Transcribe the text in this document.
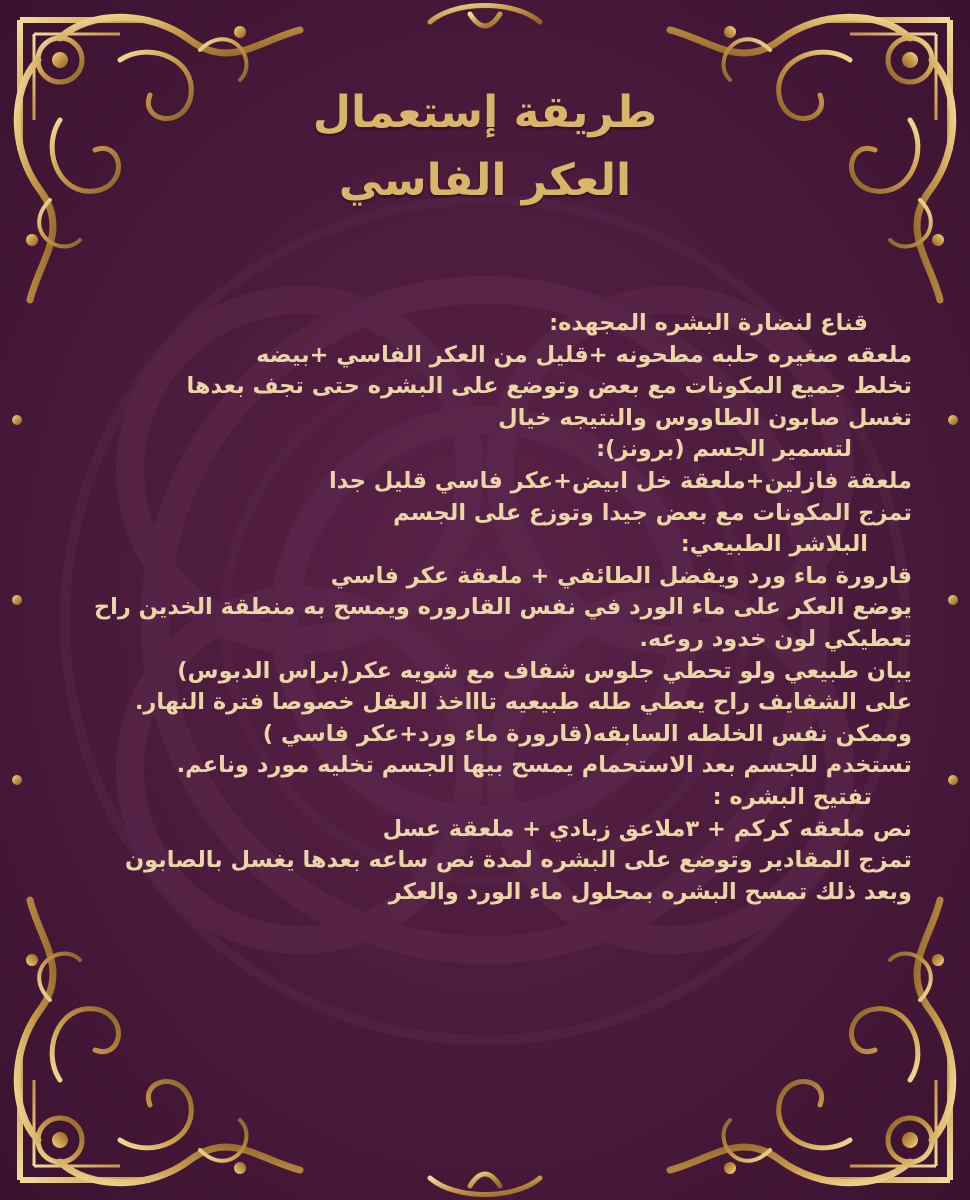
طريقة إستعمال
العكر الفاسي
قناع لنضارة البشره المجهده:
ملعقه صغيره حلبه مطحونه +قليل من العكر الفاسي +بيضه
تخلط جميع المكونات مع بعض وتوضع على البشره حتى تجف بعدها
تغسل صابون الطاووس والنتيجه خيال
لتسمير الجسم (برونز):
ملعقة فازلين+ملعقة خل ابيض+عكر فاسي قليل جدا
تمزج المكونات مع بعض جيدا وتوزع على الجسم
البلاشر الطبيعي:
قارورة ماء ورد ويفضل الطائفي + ملعقة عكر فاسي
يوضع العكر على ماء الورد في نفس القاروره ويمسح به منطقة الخدين راح
تعطيكي لون خدود روعه.
يبان طبيعي ولو تحطي جلوس شفاف مع شويه عكر(براس الدبوس)
على الشفايف راح يعطي طله طبيعيه تاااخذ العقل خصوصا فترة النهار.
وممكن نفس الخلطه السابقه(قارورة ماء ورد+عكر فاسي )
تستخدم للجسم بعد الاستحمام يمسح بيها الجسم تخليه مورد وناعم.
تفتيح البشره :
نص ملعقه كركم + ٣ملاعق زبادي + ملعقة عسل
تمزج المقادير وتوضع على البشره لمدة نص ساعه بعدها يغسل بالصابون
وبعد ذلك تمسح البشره بمحلول ماء الورد والعكر
